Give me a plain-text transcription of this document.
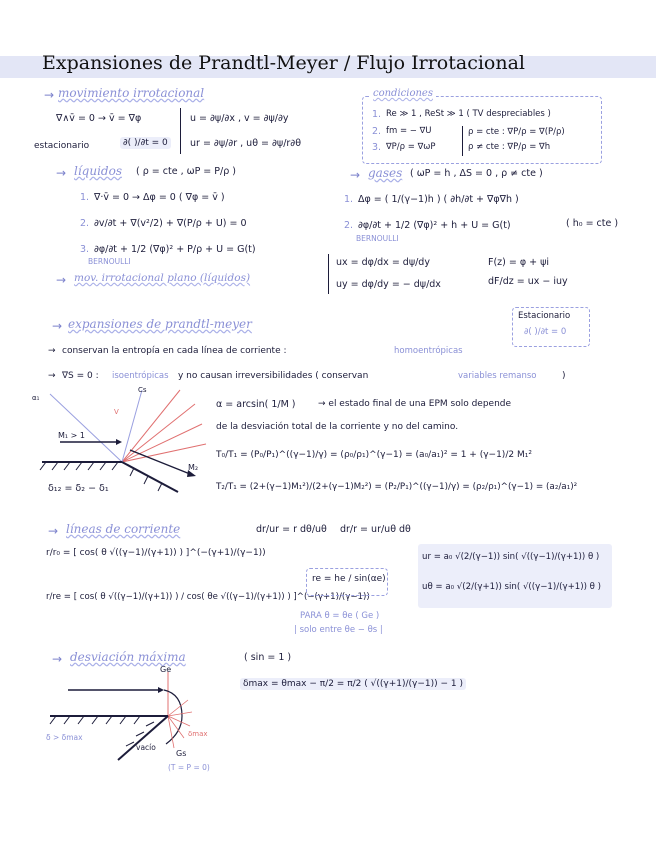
Expansiones de Prandtl-Meyer / Flujo Irrotacional
→ movimiento irrotacional
∇∧v̄ = 0 → v̄ = ∇φ
estacionario	∂( )/∂t = 0
u = ∂ψ/∂x , v = ∂ψ/∂y
ur = ∂ψ/∂r , uθ = ∂ψ/r∂θ
condiciones
1. Re ≫ 1 , ReSt ≫ 1 ( TV despreciables )
2. fm = − ∇U
3. ∇P/ρ = ∇ωP
ρ = cte : ∇P/ρ = ∇(P/ρ)
ρ ≠ cte : ∇P/ρ = ∇h
→ líquidos ( ρ = cte , ωP = P/ρ )
1. ∇·v̄ = 0 → Δφ = 0 ( ∇φ = v̄ )
2. ∂v/∂t + ∇(v²/2) + ∇(P/ρ + U) = 0
3. ∂φ/∂t + 1/2 (∇φ)² + P/ρ + U = G(t)
BERNOULLI
→ gases ( ωP = h , ΔS = 0 , ρ ≠ cte )
1. Δφ = ( 1/(γ−1)h ) ( ∂h/∂t + ∇φ∇h )
2. ∂φ/∂t + 1/2 (∇φ)² + h + U = G(t)	( h₀ = cte )
BERNOULLI
→ mov. irrotacional plano (líquidos)
ux = dφ/dx = dψ/dy
uy = dφ/dy = − dψ/dx
F(z) = φ + ψi
dF/dz = ux − iuy
→ expansiones de prandtl-meyer
Estacionario
∂( )/∂t = 0
→ conservan la entropía en cada línea de corriente :	homoentrópicas
→ ∇S = 0 : isoentrópicas y no causan irreversibilidades ( conservan	variables remanso	)
M₁ > 1
M₂
Cs
α₁
V
δ₁₂ = δ₂ − δ₁
α = arcsin( 1/M ) → el estado final de una EPM solo depende
de la desviación total de la corriente y no del camino.
T₀/T₁ = (P₀/P₁)^((γ−1)/γ) = (ρ₀/ρ₁)^(γ−1) = (a₀/a₁)² = 1 + (γ−1)/2 M₁²
T₂/T₁ = (2+(γ−1)M₁²)/(2+(γ−1)M₂²) = (P₂/P₁)^((γ−1)/γ) = (ρ₂/ρ₁)^(γ−1) = (a₂/a₁)²
→ líneas de corriente	dr/ur = r dθ/uθ dr/r = ur/uθ dθ
r/r₀ = [ cos( θ √((γ−1)/(γ+1)) ) ]^(−(γ+1)/(γ−1))
r/re = [ cos( θ √((γ−1)/(γ+1)) ) / cos( θe √((γ−1)/(γ+1)) ) ]^(−(γ+1)/(γ−1))
re = he / sin(αe)
PARA θ = θe ( Ge )
| solo entre θe − θs |
ur = a₀ √(2/(γ−1)) sin( √((γ−1)/(γ+1)) θ )
uθ = a₀ √(2/(γ+1)) sin( √((γ−1)/(γ+1)) θ )
→ desviación máxima	( sin = 1 )
δmax = θmax − π/2 = π/2 ( √((γ+1)/(γ−1)) − 1 )
Ge
Gs
(T = P = 0)
vacío
δmax
δ > δmax
